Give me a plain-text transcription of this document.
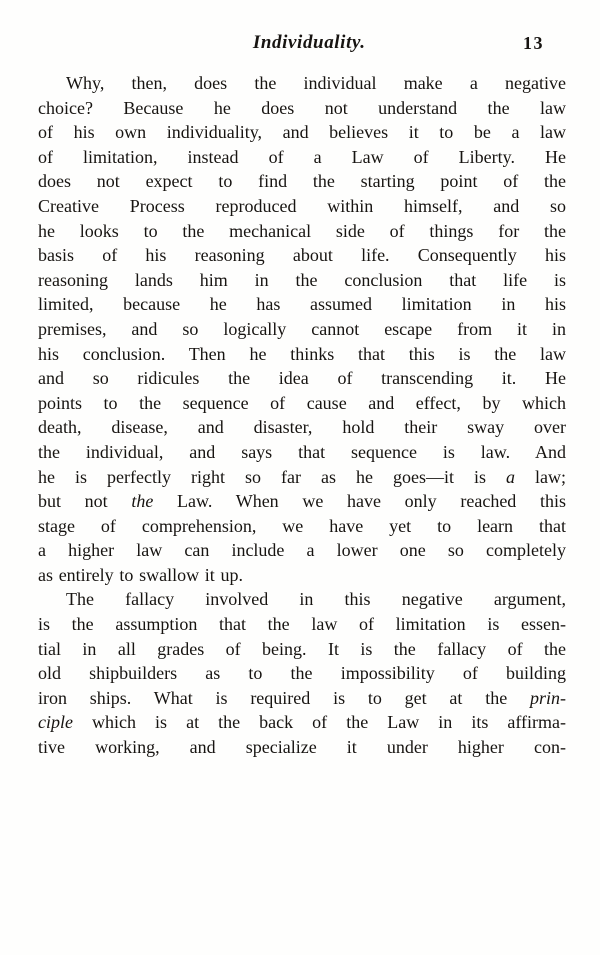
Individuality.	13
Why, then, does the individual make a negative
choice? Because he does not understand the law
of his own individuality, and believes it to be a law
of limitation, instead of a Law of Liberty. He
does not expect to find the starting point of the
Creative Process reproduced within himself, and so
he looks to the mechanical side of things for the
basis of his reasoning about life. Consequently his
reasoning lands him in the conclusion that life is
limited, because he has assumed limitation in his
premises, and so logically cannot escape from it in
his conclusion. Then he thinks that this is the law
and so ridicules the idea of transcending it. He
points to the sequence of cause and effect, by which
death, disease, and disaster, hold their sway over
the individual, and says that sequence is law. And
he is perfectly right so far as he goes—it is a law;
but not the Law. When we have only reached this
stage of comprehension, we have yet to learn that
a higher law can include a lower one so completely
as entirely to swallow it up.
The fallacy involved in this negative argument,
is the assumption that the law of limitation is essen-
tial in all grades of being. It is the fallacy of the
old shipbuilders as to the impossibility of building
iron ships. What is required is to get at the prin-
ciple which is at the back of the Law in its affirma-
tive working, and specialize it under higher con-
